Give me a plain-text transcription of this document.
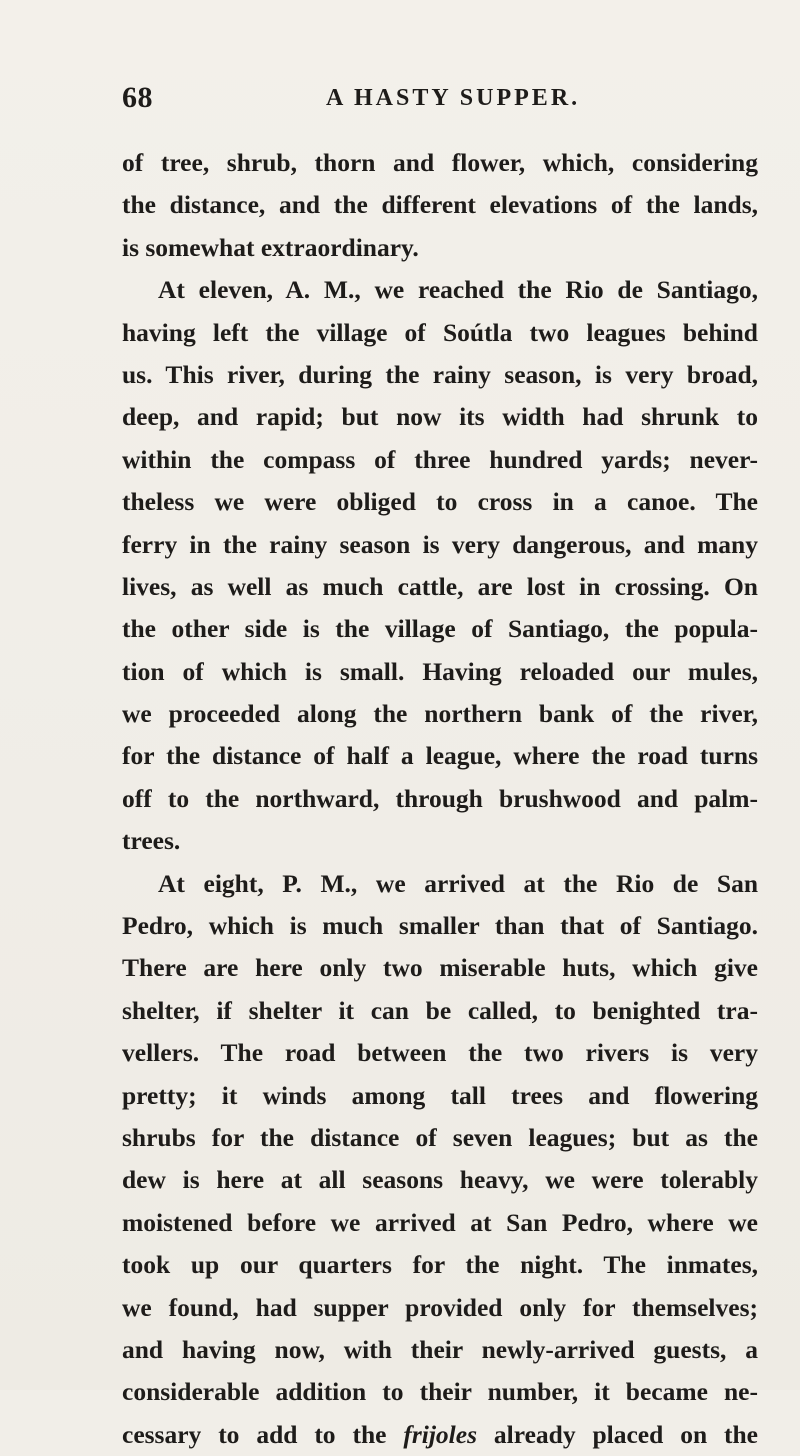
68	A HASTY SUPPER.
of tree, shrub, thorn and flower, which, considering
the distance, and the different elevations of the lands,
is somewhat extraordinary.
At eleven, A. M., we reached the Rio de Santiago,
having left the village of Soútla two leagues behind
us. This river, during the rainy season, is very broad,
deep, and rapid; but now its width had shrunk to
within the compass of three hundred yards; never-
theless we were obliged to cross in a canoe. The
ferry in the rainy season is very dangerous, and many
lives, as well as much cattle, are lost in crossing. On
the other side is the village of Santiago, the popula-
tion of which is small. Having reloaded our mules,
we proceeded along the northern bank of the river,
for the distance of half a league, where the road turns
off to the northward, through brushwood and palm-
trees.
At eight, P. M., we arrived at the Rio de San
Pedro, which is much smaller than that of Santiago.
There are here only two miserable huts, which give
shelter, if shelter it can be called, to benighted tra-
vellers. The road between the two rivers is very
pretty; it winds among tall trees and flowering
shrubs for the distance of seven leagues; but as the
dew is here at all seasons heavy, we were tolerably
moistened before we arrived at San Pedro, where we
took up our quarters for the night. The inmates,
we found, had supper provided only for themselves;
and having now, with their newly-arrived guests, a
considerable addition to their number, it became ne-
cessary to add to the frijoles already placed on the
